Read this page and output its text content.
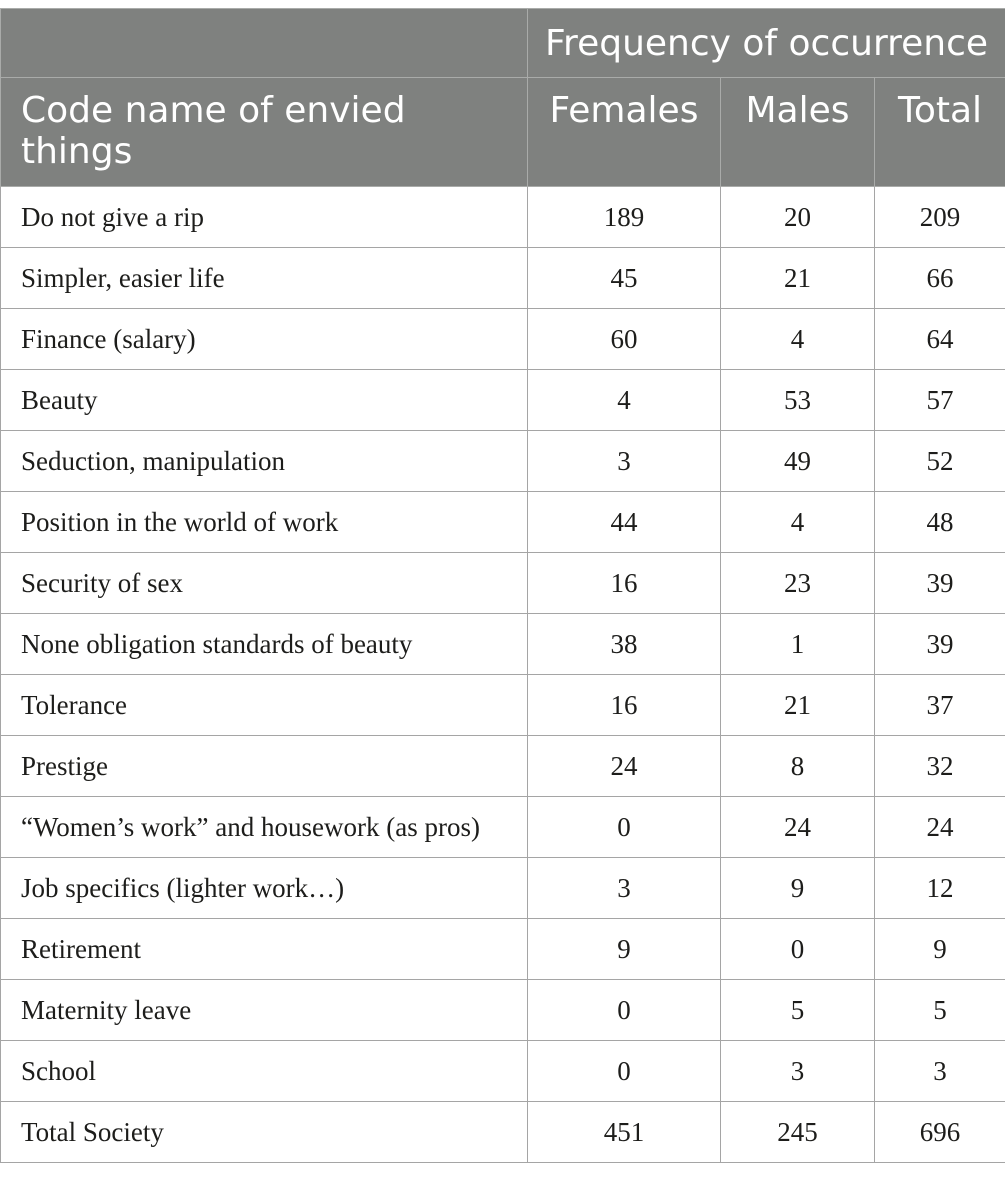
	Frequency of occurrence		
Code name of envied things	Females	Males	Total
Do not give a rip	189	20	209
Simpler, easier life	45	21	66
Finance (salary)	60	4	64
Beauty	4	53	57
Seduction, manipulation	3	49	52
Position in the world of work	44	4	48
Security of sex	16	23	39
None obligation standards of beauty	38	1	39
Tolerance	16	21	37
Prestige	24	8	32
“Women’s work” and housework (as pros)	0	24	24
Job specifics (lighter work…)	3	9	12
Retirement	9	0	9
Maternity leave	0	5	5
School	0	3	3
Total Society	451	245	696
